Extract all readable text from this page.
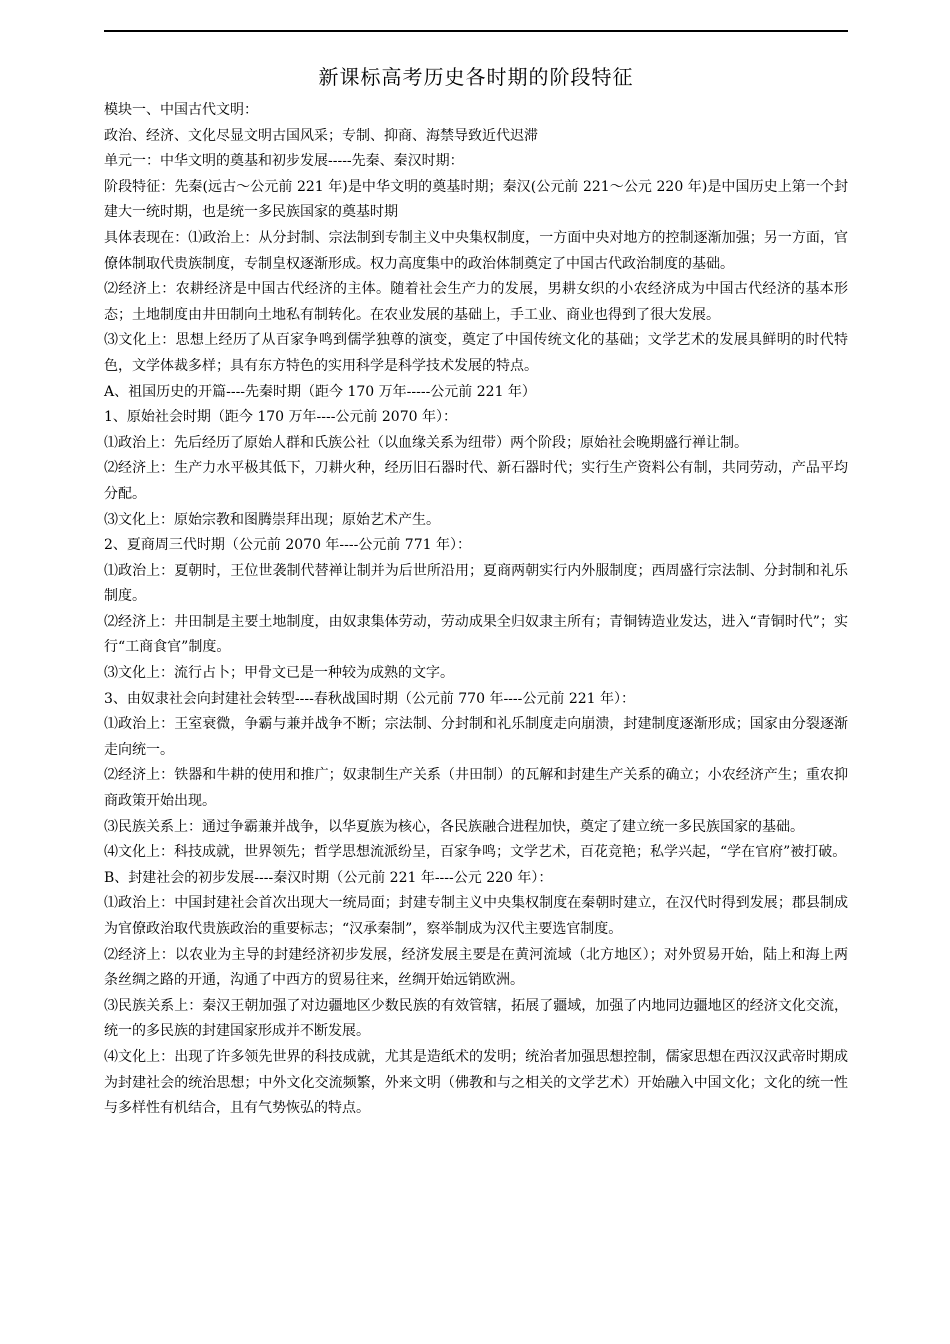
新课标高考历史各时期的阶段特征

模块一、中国古代文明：

政治、经济、文化尽显文明古国风采；专制、抑商、海禁导致近代迟滞

单元一：中华文明的奠基和初步发展-----先秦、秦汉时期：

阶段特征：先秦(远古～公元前 221 年)是中华文明的奠基时期；秦汉(公元前 221～公元 220 年)是中国历史上第一个封建大一统时期，也是统一多民族国家的奠基时期

具体表现在：⑴政治上：从分封制、宗法制到专制主义中央集权制度，一方面中央对地方的控制逐渐加强；另一方面，官僚体制取代贵族制度，专制皇权逐渐形成。权力高度集中的政治体制奠定了中国古代政治制度的基础。

⑵经济上：农耕经济是中国古代经济的主体。随着社会生产力的发展，男耕女织的小农经济成为中国古代经济的基本形态；土地制度由井田制向土地私有制转化。在农业发展的基础上，手工业、商业也得到了很大发展。

⑶文化上：思想上经历了从百家争鸣到儒学独尊的演变，奠定了中国传统文化的基础；文学艺术的发展具鲜明的时代特色，文学体裁多样；具有东方特色的实用科学是科学技术发展的特点。

A、祖国历史的开篇----先秦时期（距今 170 万年-----公元前 221 年）

1、原始社会时期（距今 170 万年----公元前 2070 年）：

⑴政治上：先后经历了原始人群和氏族公社（以血缘关系为纽带）两个阶段；原始社会晚期盛行禅让制。

⑵经济上：生产力水平极其低下，刀耕火种，经历旧石器时代、新石器时代；实行生产资料公有制，共同劳动，产品平均分配。

⑶文化上：原始宗教和图腾崇拜出现；原始艺术产生。

2、夏商周三代时期（公元前 2070 年----公元前 771 年）：

⑴政治上：夏朝时，王位世袭制代替禅让制并为后世所沿用；夏商两朝实行内外服制度；西周盛行宗法制、分封制和礼乐制度。

⑵经济上：井田制是主要土地制度，由奴隶集体劳动，劳动成果全归奴隶主所有；青铜铸造业发达，进入“青铜时代”；实行“工商食官”制度。

⑶文化上：流行占卜；甲骨文已是一种较为成熟的文字。

3、由奴隶社会向封建社会转型----春秋战国时期（公元前 770 年----公元前 221 年）：

⑴政治上：王室衰微，争霸与兼并战争不断；宗法制、分封制和礼乐制度走向崩溃，封建制度逐渐形成；国家由分裂逐渐走向统一。

⑵经济上：铁器和牛耕的使用和推广；奴隶制生产关系（井田制）的瓦解和封建生产关系的确立；小农经济产生；重农抑商政策开始出现。

⑶民族关系上：通过争霸兼并战争，以华夏族为核心，各民族融合进程加快，奠定了建立统一多民族国家的基础。

⑷文化上：科技成就，世界领先；哲学思想流派纷呈，百家争鸣；文学艺术，百花竞艳；私学兴起，“学在官府”被打破。

B、封建社会的初步发展----秦汉时期（公元前 221 年----公元 220 年）：

⑴政治上：中国封建社会首次出现大一统局面；封建专制主义中央集权制度在秦朝时建立，在汉代时得到发展；郡县制成为官僚政治取代贵族政治的重要标志；“汉承秦制”，察举制成为汉代主要选官制度。

⑵经济上：以农业为主导的封建经济初步发展，经济发展主要是在黄河流域（北方地区）；对外贸易开始，陆上和海上两条丝绸之路的开通，沟通了中西方的贸易往来，丝绸开始远销欧洲。

⑶民族关系上：秦汉王朝加强了对边疆地区少数民族的有效管辖，拓展了疆域，加强了内地同边疆地区的经济文化交流，统一的多民族的封建国家形成并不断发展。

⑷文化上：出现了许多领先世界的科技成就，尤其是造纸术的发明；统治者加强思想控制，儒家思想在西汉汉武帝时期成为封建社会的统治思想；中外文化交流频繁，外来文明（佛教和与之相关的文学艺术）开始融入中国文化；文化的统一性与多样性有机结合，且有气势恢弘的特点。
